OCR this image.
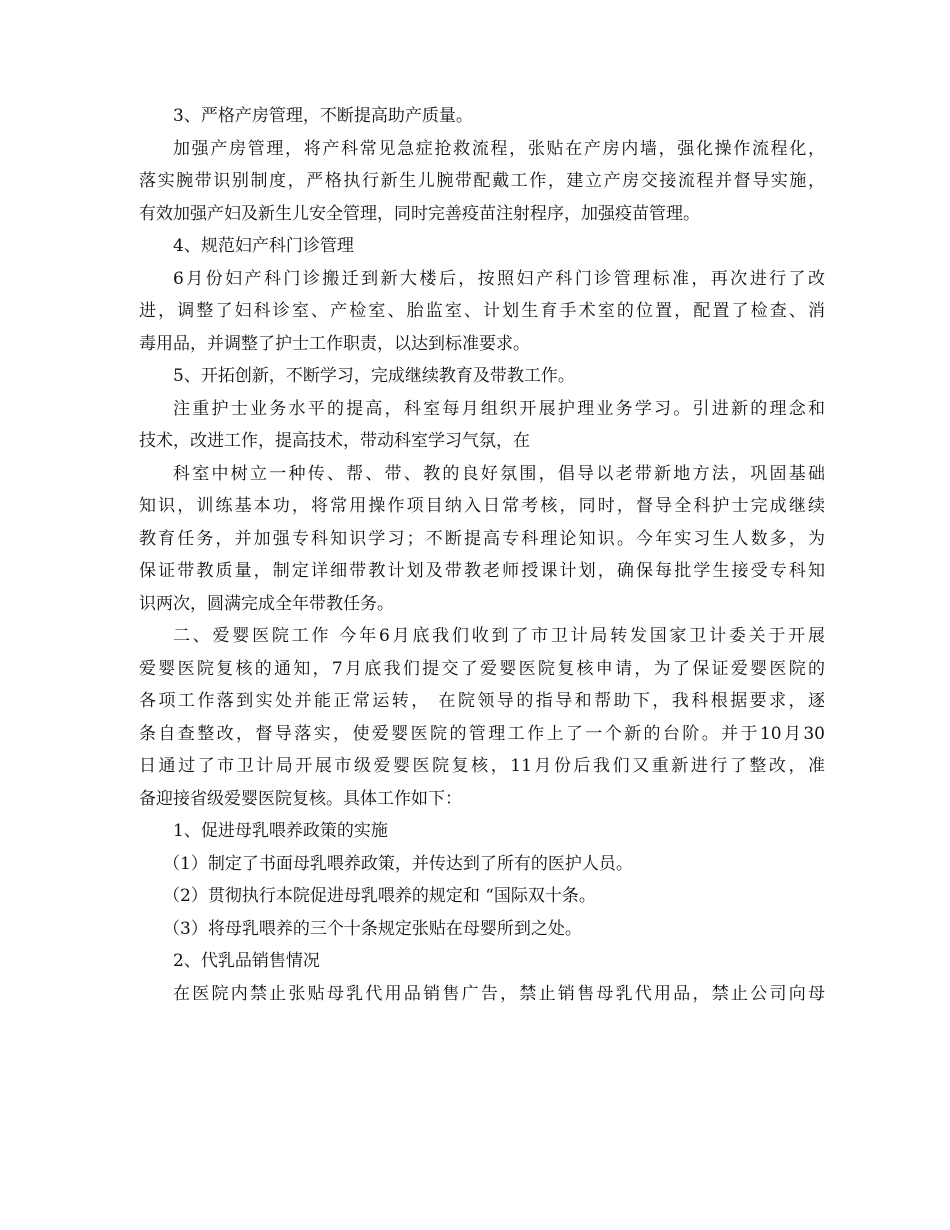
3、严格产房管理，不断提高助产质量。
加强产房管理，将产科常见急症抢救流程，张贴在产房内墙，强化操作流程化，
落实腕带识别制度，严格执行新生儿腕带配戴工作，建立产房交接流程并督导实施，
有效加强产妇及新生儿安全管理，同时完善疫苗注射程序，加强疫苗管理。
4、规范妇产科门诊管理
6月份妇产科门诊搬迁到新大楼后，按照妇产科门诊管理标准，再次进行了改
进，调整了妇科诊室、产检室、胎监室、计划生育手术室的位置，配置了检查、消
毒用品，并调整了护士工作职责，以达到标准要求。
5、开拓创新，不断学习，完成继续教育及带教工作。
注重护士业务水平的提高，科室每月组织开展护理业务学习。引进新的理念和
技术，改进工作，提高技术，带动科室学习气氛，在
科室中树立一种传、帮、带、教的良好氛围，倡导以老带新地方法，巩固基础
知识，训练基本功，将常用操作项目纳入日常考核，同时，督导全科护士完成继续
教育任务，并加强专科知识学习；不断提高专科理论知识。今年实习生人数多，为
保证带教质量，制定详细带教计划及带教老师授课计划，确保每批学生接受专科知
识两次，圆满完成全年带教任务。
二、爱婴医院工作 今年6月底我们收到了市卫计局转发国家卫计委关于开展
爱婴医院复核的通知，7月底我们提交了爱婴医院复核申请，为了保证爱婴医院的
各项工作落到实处并能正常运转， 在院领导的指导和帮助下，我科根据要求，逐
条自查整改，督导落实，使爱婴医院的管理工作上了一个新的台阶。并于10月30
日通过了市卫计局开展市级爱婴医院复核，11月份后我们又重新进行了整改，准
备迎接省级爱婴医院复核。具体工作如下：
1、促进母乳喂养政策的实施
（1）制定了书面母乳喂养政策，并传达到了所有的医护人员。
（2）贯彻执行本院促进母乳喂养的规定和 “国际双十条。
（3）将母乳喂养的三个十条规定张贴在母婴所到之处。
2、代乳品销售情况
在医院内禁止张贴母乳代用品销售广告，禁止销售母乳代用品，禁止公司向母
